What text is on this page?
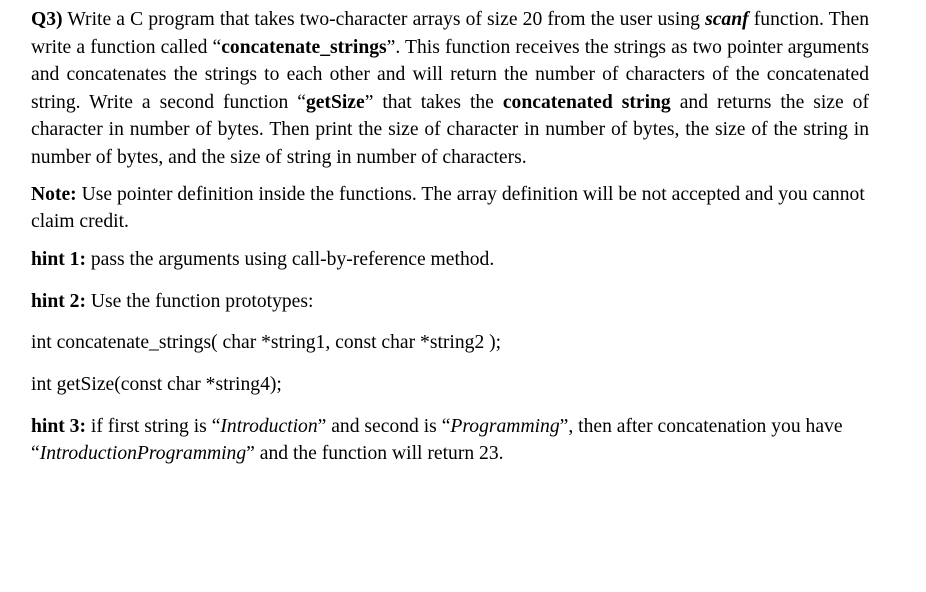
Q3) Write a C program that takes two-character arrays of size 20 from the user using scanf function. Then write a function called “concatenate_strings”. This function receives the strings as two pointer arguments and concatenates the strings to each other and will return the number of characters of the concatenated string. Write a second function “getSize” that takes the concatenated string and returns the size of character in number of bytes. Then print the size of character in number of bytes, the size of the string in number of bytes, and the size of string in number of characters.

Note: Use pointer definition inside the functions. The array definition will be not accepted and you cannot claim credit.

hint 1: pass the arguments using call-by-reference method.

hint 2: Use the function prototypes:

int concatenate_strings( char *string1, const char *string2 );

int getSize(const char *string4);

hint 3: if first string is “Introduction” and second is “Programming”, then after concatenation you have “IntroductionProgramming” and the function will return 23.
